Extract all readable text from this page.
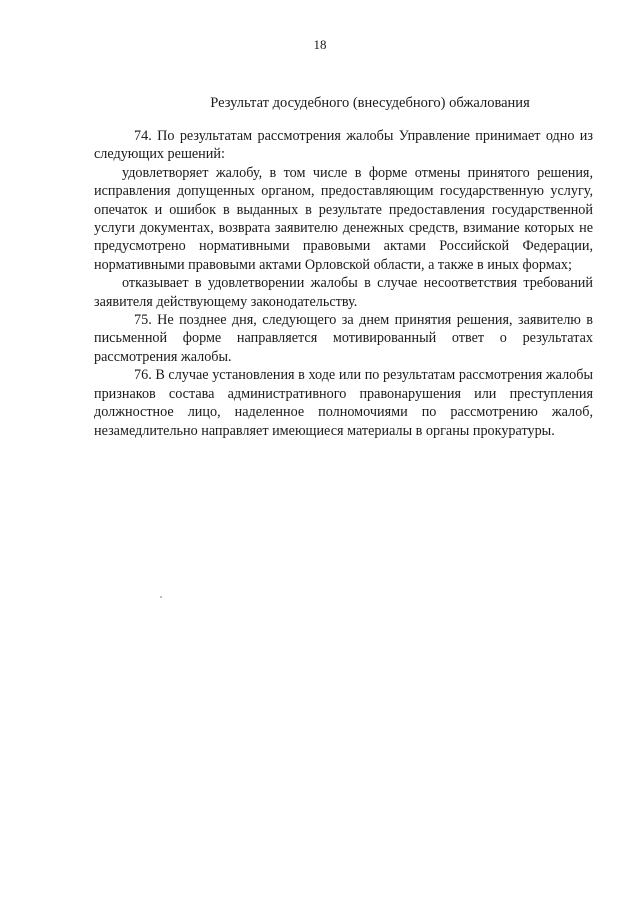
18
Результат досудебного (внесудебного) обжалования

74. По результатам рассмотрения жалобы Управление принимает одно из следующих решений:

удовлетворяет жалобу, в том числе в форме отмены принятого решения, исправления допущенных органом, предоставляющим государственную услугу, опечаток и ошибок в выданных в результате предоставления государственной услуги документах, возврата заявителю денежных средств, взимание которых не предусмотрено нормативными правовыми актами Российской Федерации, нормативными правовыми актами Орловской области, а также в иных формах;

отказывает в удовлетворении жалобы в случае несоответствия требований заявителя действующему законодательству.

75. Не позднее дня, следующего за днем принятия решения, заявителю в письменной форме направляется мотивированный ответ о результатах рассмотрения жалобы.

76. В случае установления в ходе или по результатам рассмотрения жалобы признаков состава административного правонарушения или преступления должностное лицо, наделенное полномочиями по рассмотрению жалоб, незамедлительно направляет имеющиеся материалы в органы прокуратуры.
